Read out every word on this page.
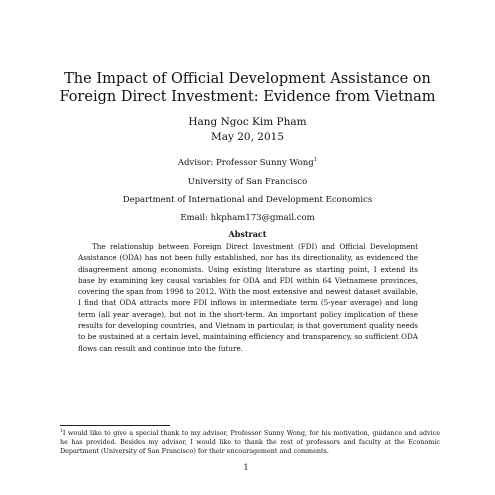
The Impact of Official Development Assistance on
Foreign Direct Investment: Evidence from Vietnam
Hang Ngoc Kim Pham
May 20, 2015
Advisor: Professor Sunny Wong$^1$
University of San Francisco
Department of International and Development Economics
Email: hkpham173@gmail.com
Abstract

The relationship between Foreign Direct Investment (FDI) and Official Development Assistance (ODA) has not been fully established, nor has its directionality, as evidenced the disagreement among economists. Using existing literature as starting point, I extend its base by examining key causal variables for ODA and FDI within 64 Vietnamese provinces, covering the span from 1998 to 2012. With the most extensive and newest dataset available, I find that ODA attracts more FDI inflows in intermediate term (5-year average) and long term (all year average), but not in the short-term. An important policy implication of these results for developing countries, and Vietnam in particular, is that government quality needs to be sustained at a certain level, maintaining efficiency and transparency, so sufficient ODA flows can result and continue into the future.

$^1$I would like to give a special thank to my advisor, Professor Sunny Wong, for his motivation, guidance and advice he has provided. Besides my advisor, I would like to thank the rest of professors and faculty at the Economic Department (University of San Francisco) for their encouragement and comments.

1
